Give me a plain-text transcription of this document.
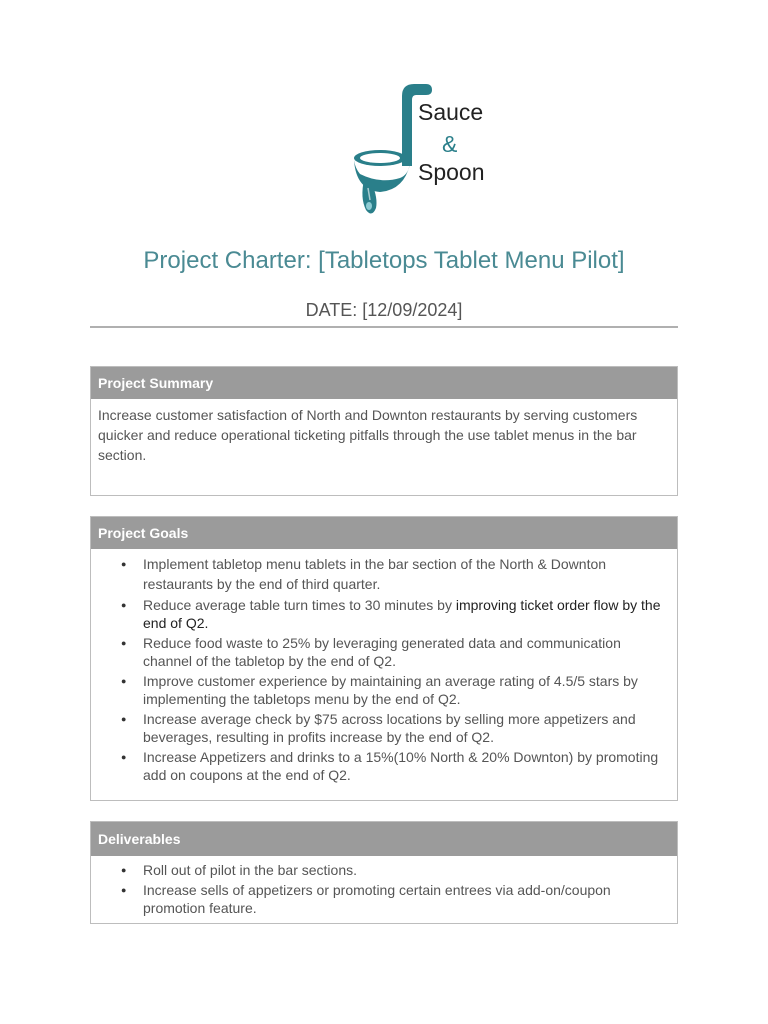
Sauce
&
Spoon
Project Charter: [Tabletops Tablet Menu Pilot]
DATE: [12/09/2024]
Project Summary
Increase customer satisfaction of North and Downton restaurants by serving customers quicker and reduce operational ticketing pitfalls through the use tablet menus in the bar section.
Project Goals
● Implement tabletop menu tablets in the bar section of the North & Downton restaurants by the end of third quarter.
● Reduce average table turn times to 30 minutes by improving ticket order flow by the end of Q2.
● Reduce food waste to 25% by leveraging generated data and communication channel of the tabletop by the end of Q2.
● Improve customer experience by maintaining an average rating of 4.5/5 stars by implementing the tabletops menu by the end of Q2.
● Increase average check by $75 across locations by selling more appetizers and beverages, resulting in profits increase by the end of Q2.
● Increase Appetizers and drinks to a 15%(10% North & 20% Downton) by promoting add on coupons at the end of Q2.
Deliverables
● Roll out of pilot in the bar sections.
● Increase sells of appetizers or promoting certain entrees via add-on/coupon promotion feature.
